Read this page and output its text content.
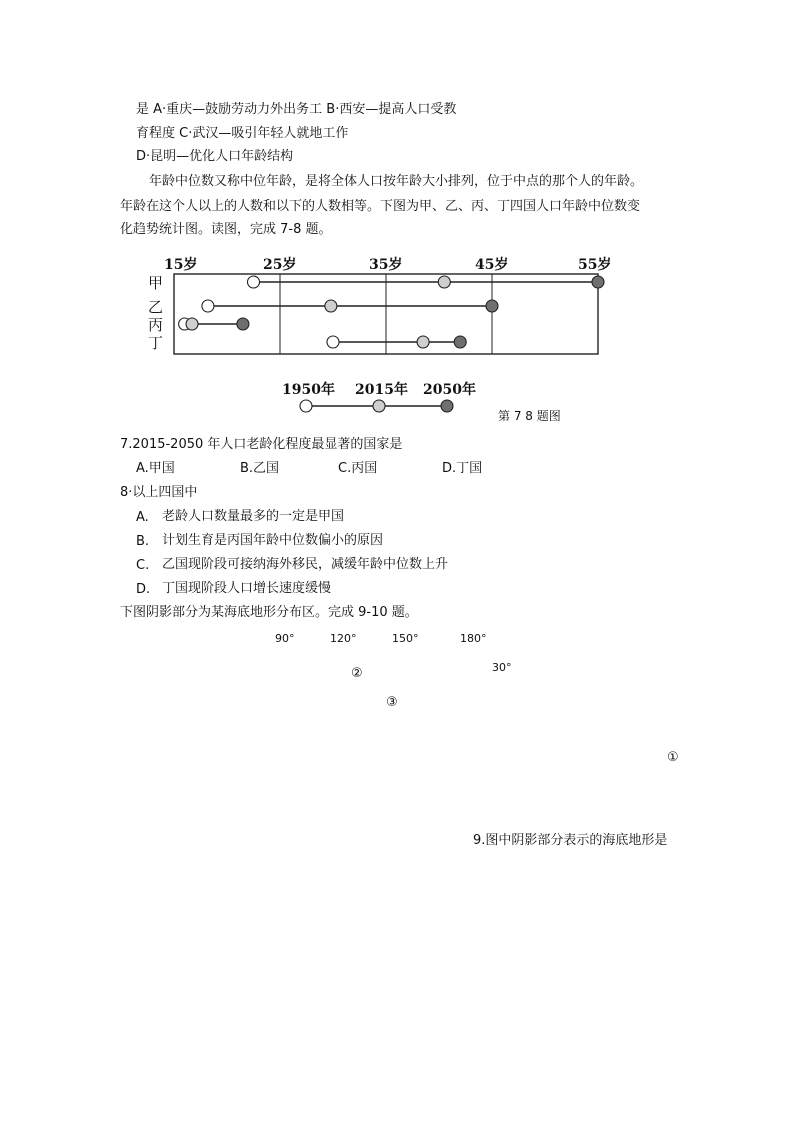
是 A·重庆—鼓励劳动力外出务工 B·西安—提高人口受教
育程度 C·武汉—吸引年轻人就地工作
D·昆明—优化人口年龄结构
年龄中位数又称中位年龄，是将全体人口按年龄大小排列，位于中点的那个人的年龄。
年龄在这个人以上的人数和以下的人数相等。下图为甲、乙、丙、丁四国人口年龄中位数变
化趋势统计图。读图，完成 7-8 题。
15岁	25岁	35岁	45岁	55岁
甲
乙
丙
丁
1950年 2015年 2050年
第 7 8 题图
7.2015-2050 年人口老龄化程度最显著的国家是
A.甲国	B.乙国	C.丙国	D.丁国
8·以上四国中
A. 老龄人口数量最多的一定是甲国
B. 计划生育是丙国年龄中位数偏小的原因
C. 乙国现阶段可接纳海外移民，减缓年龄中位数上升
D. 丁国现阶段人口增长速度缓慢
下图阴影部分为某海底地形分布区。完成 9-10 题。
90°	120°	150°	180°
30°
②
③
①
9.图中阴影部分表示的海底地形是
